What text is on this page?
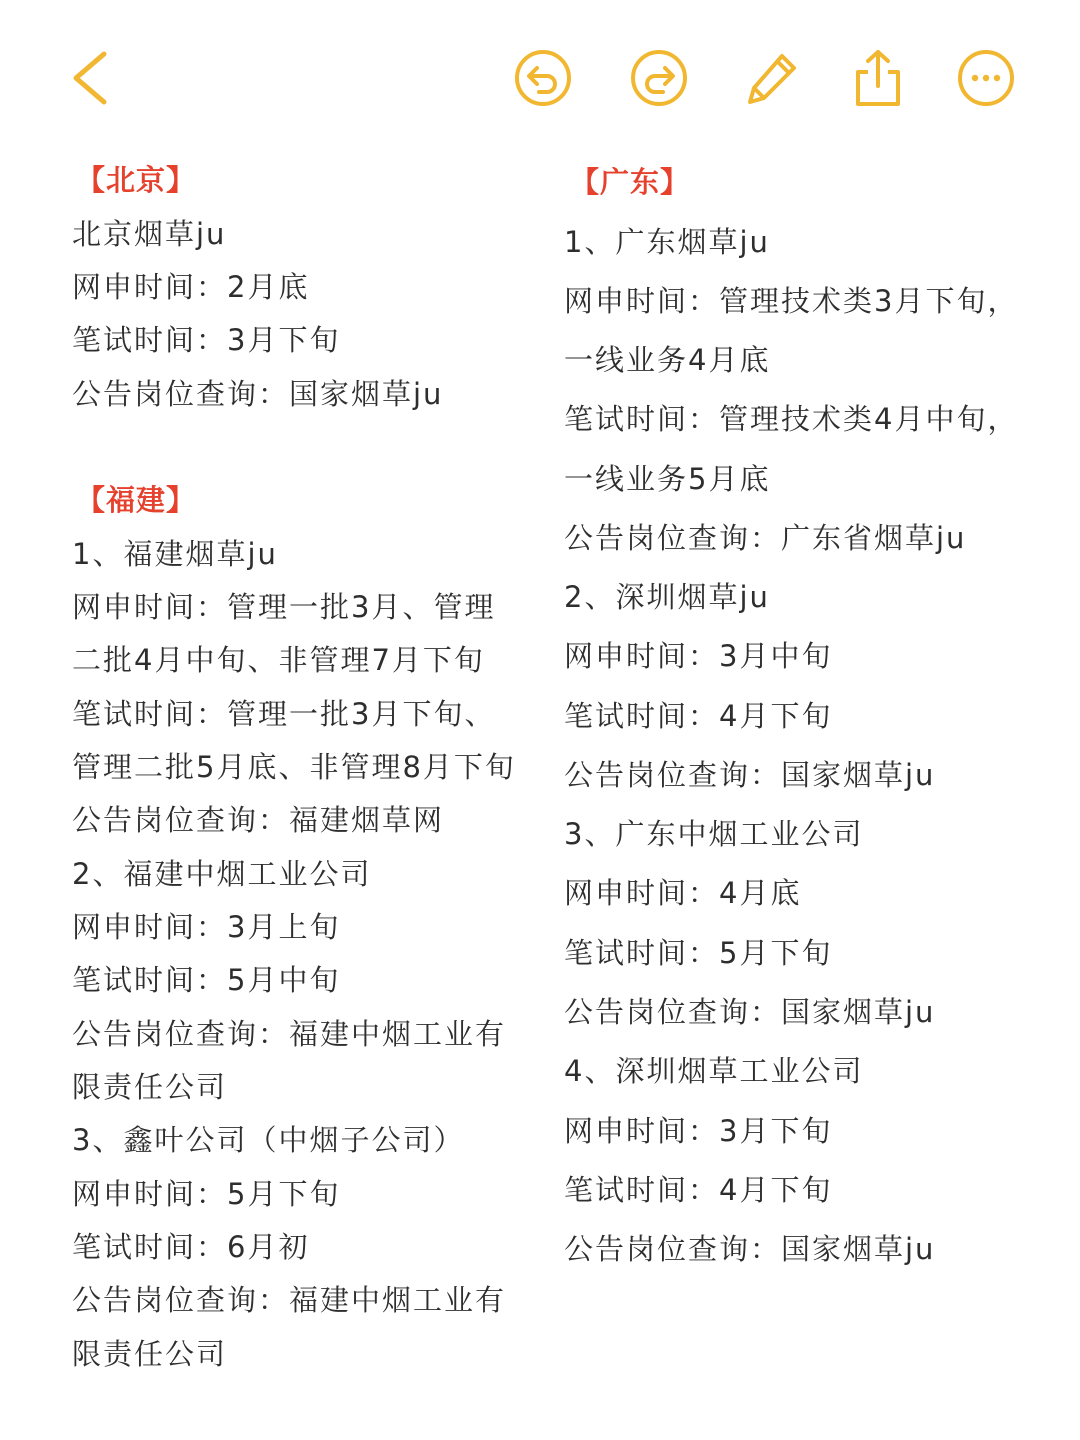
【北京】
北京烟草ju
网申时间：2月底
笔试时间：3月下旬
公告岗位查询：国家烟草ju
【福建】
1、福建烟草ju
网申时间：管理一批3月、管理
二批4月中旬、非管理7月下旬
笔试时间：管理一批3月下旬、
管理二批5月底、非管理8月下旬
公告岗位查询：福建烟草网
2、福建中烟工业公司
网申时间：3月上旬
笔试时间：5月中旬
公告岗位查询：福建中烟工业有
限责任公司
3、鑫叶公司（中烟子公司）
网申时间：5月下旬
笔试时间：6月初
公告岗位查询：福建中烟工业有
限责任公司
【广东】
1、广东烟草ju
网申时间：管理技术类3月下旬，
一线业务4月底
笔试时间：管理技术类4月中旬，
一线业务5月底
公告岗位查询：广东省烟草ju
2、深圳烟草ju
网申时间：3月中旬
笔试时间：4月下旬
公告岗位查询：国家烟草ju
3、广东中烟工业公司
网申时间：4月底
笔试时间：5月下旬
公告岗位查询：国家烟草ju
4、深圳烟草工业公司
网申时间：3月下旬
笔试时间：4月下旬
公告岗位查询：国家烟草ju
